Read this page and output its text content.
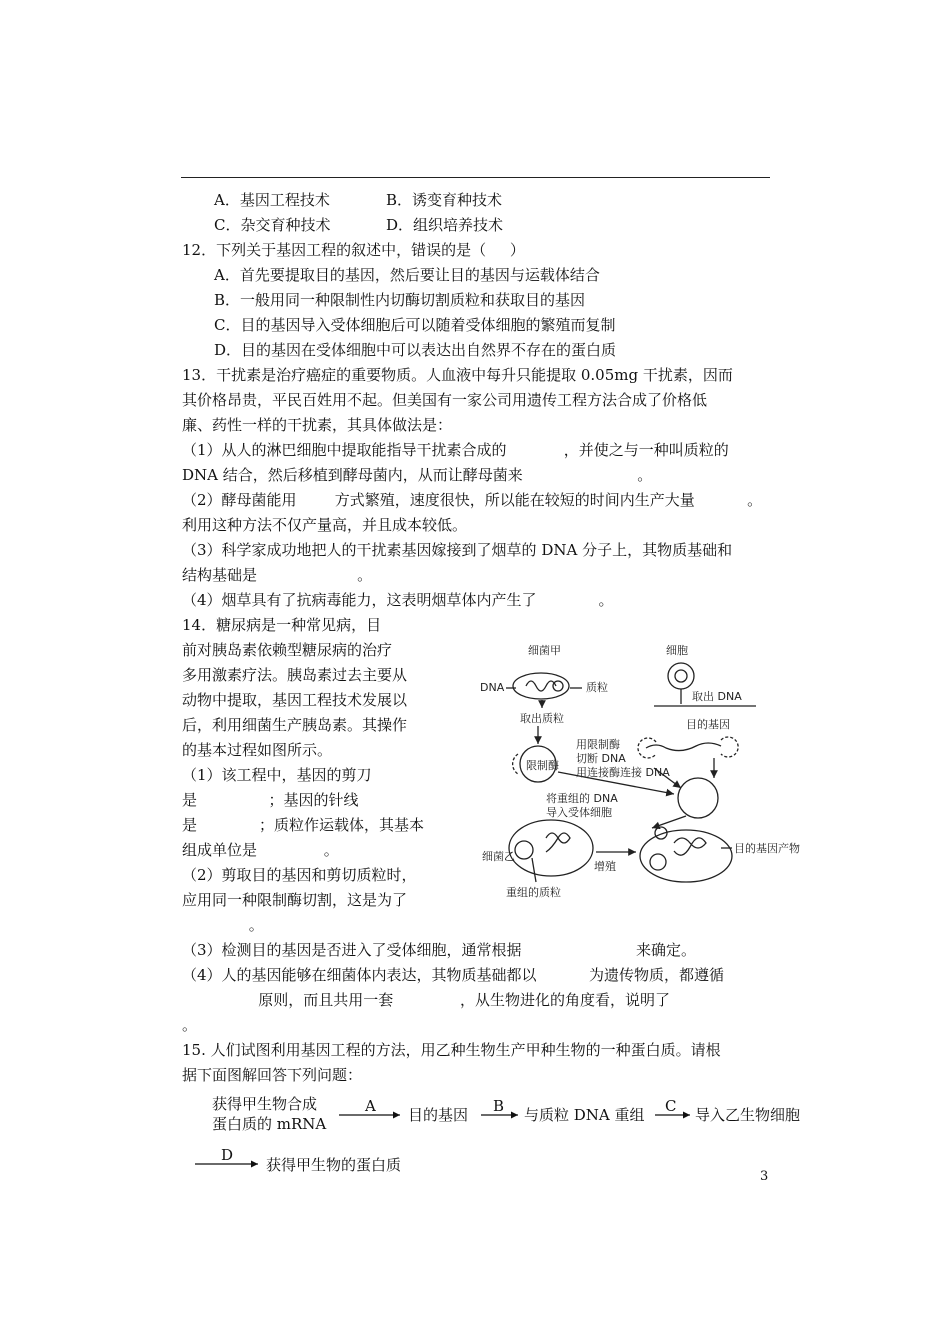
A．基因工程技术	B．诱变育种技术
C．杂交育种技术	D．组织培养技术
12．下列关于基因工程的叙述中，错误的是（     ）
A．首先要提取目的基因，然后要让目的基因与运载体结合
B．一般用同一种限制性内切酶切割质粒和获取目的基因
C．目的基因导入受体细胞后可以随着受体细胞的繁殖而复制
D．目的基因在受体细胞中可以表达出自然界不存在的蛋白质
13．干扰素是治疗癌症的重要物质。人血液中每升只能提取 0.05mg 干扰素，因而
其价格昂贵，平民百姓用不起。但美国有一家公司用遗传工程方法合成了价格低
廉、药性一样的干扰素，其具体做法是：
（1）从人的淋巴细胞中提取能指导干扰素合成的            ，并使之与一种叫质粒的
DNA 结合，然后移植到酵母菌内，从而让酵母菌来                        。
（2）酵母菌能用        方式繁殖，速度很快，所以能在较短的时间内生产大量           。
利用这种方法不仅产量高，并且成本较低。
（3）科学家成功地把人的干扰素基因嫁接到了烟草的 DNA 分子上，其物质基础和
结构基础是                     。
（4）烟草具有了抗病毒能力，这表明烟草体内产生了             。
14．糖尿病是一种常见病，目
前对胰岛素依赖型糖尿病的治疗
多用激素疗法。胰岛素过去主要从
动物中提取，基因工程技术发展以
后，利用细菌生产胰岛素。其操作
的基本过程如图所示。
（1）该工程中，基因的剪刀
是               ；基因的针线
是             ；质粒作运载体，其基本
组成单位是              。
（2）剪取目的基因和剪切质粒时，
应用同一种限制酶切割，这是为了
。
（3）检测目的基因是否进入了受体细胞，通常根据                        来确定。
（4）人的基因能够在细菌体内表达，其物质基础都以           为遗传物质，都遵循
原则，而且共用一套              ，从生物进化的角度看，说明了
。
细菌甲	细胞
DNA	质粒
取出 DNA
取出质粒	目的基因
用限制酶
切断 DNA
用连接酶连接 DNA
限制酶
将重组的 DNA
导入受体细胞
细菌乙
增殖
目的基因产物
重组的质粒
15. 人们试图利用基因工程的方法，用乙种生物生产甲种生物的一种蛋白质。请根
据下面图解回答下列问题：
获得甲生物合成
蛋白质的 mRNA
A 目的基因 B 与质粒 DNA 重组 C 导入乙生物细胞
D
获得甲生物的蛋白质
3
